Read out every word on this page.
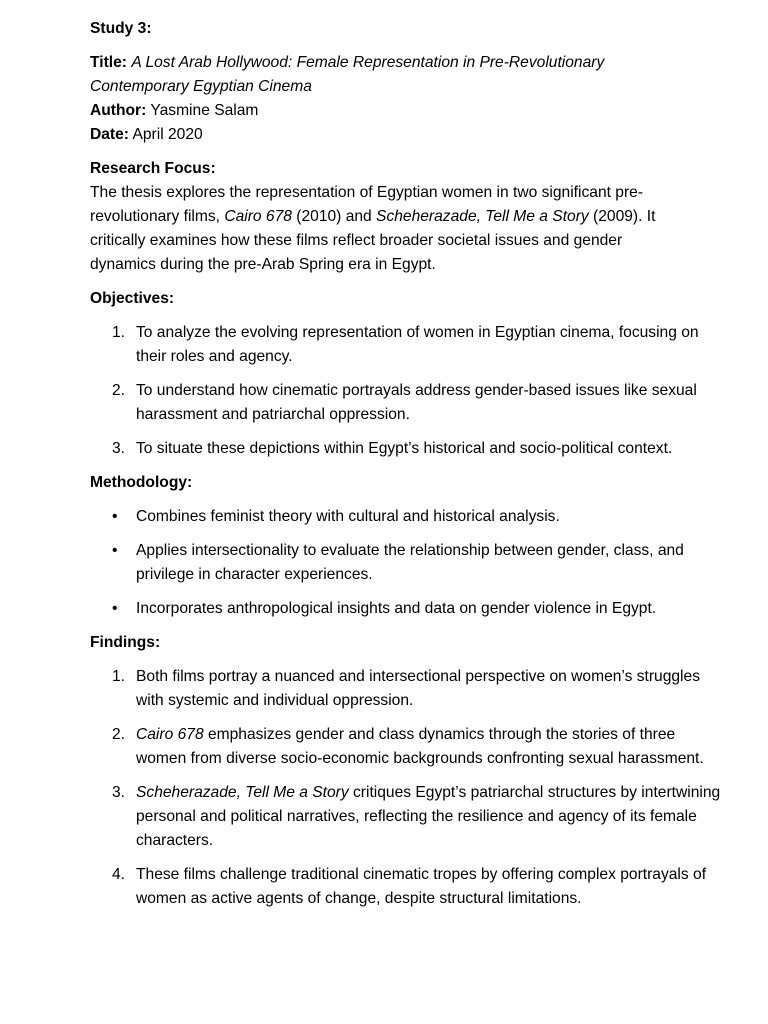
Study 3:

Title: A Lost Arab Hollywood: Female Representation in Pre-Revolutionary

Contemporary Egyptian Cinema

Author: Yasmine Salam

Date: April 2020

Research Focus:

The thesis explores the representation of Egyptian women in two significant pre-revolutionary films, Cairo 678 (2010) and Scheherazade, Tell Me a Story (2009). It critically examines how these films reflect broader societal issues and gender dynamics during the pre-Arab Spring era in Egypt.

Objectives:

1. To analyze the evolving representation of women in Egyptian cinema, focusing on their roles and agency.
2. To understand how cinematic portrayals address gender-based issues like sexual harassment and patriarchal oppression.
3. To situate these depictions within Egypt’s historical and socio-political context.

Methodology:

•	Combines feminist theory with cultural and historical analysis.
•	Applies intersectionality to evaluate the relationship between gender, class, and privilege in character experiences.
•	Incorporates anthropological insights and data on gender violence in Egypt.

Findings:

1. Both films portray a nuanced and intersectional perspective on women’s struggles with systemic and individual oppression.
2. Cairo 678 emphasizes gender and class dynamics through the stories of three women from diverse socio-economic backgrounds confronting sexual harassment.
3. Scheherazade, Tell Me a Story critiques Egypt’s patriarchal structures by intertwining personal and political narratives, reflecting the resilience and agency of its female characters.
4. These films challenge traditional cinematic tropes by offering complex portrayals of women as active agents of change, despite structural limitations.
